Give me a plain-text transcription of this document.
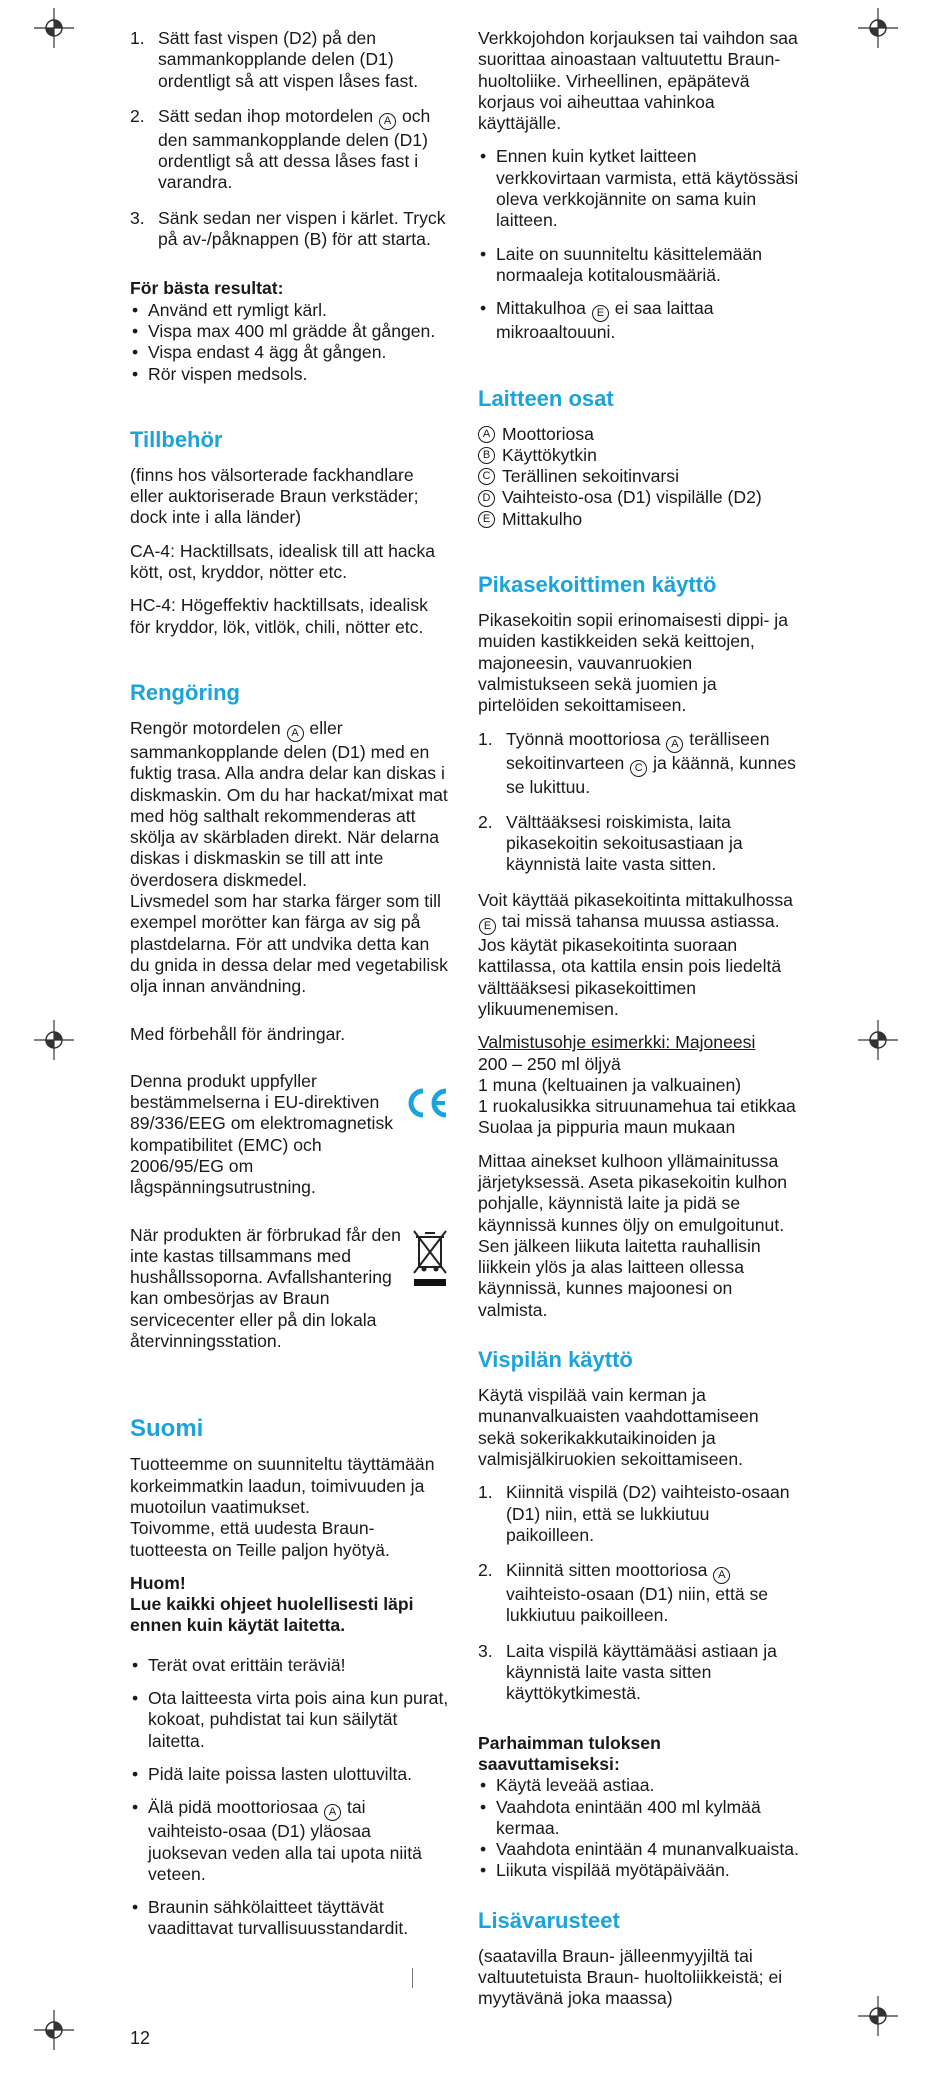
1. Sätt fast vispen (D2) på den sammankopplande delen (D1) ordentligt så att vispen låses fast.
2. Sätt sedan ihop motordelen A och den sammankopplande delen (D1) ordentligt så att dessa låses fast i varandra.
3. Sänk sedan ner vispen i kärlet. Tryck på av-/påknappen (B) för att starta.

För bästa resultat:

• Använd ett rymligt kärl.
• Vispa max 400 ml grädde åt gången.
• Vispa endast 4 ägg åt gången.
• Rör vispen medsols.
Tillbehör

(finns hos välsorterade fackhandlare eller auktoriserade Braun verkstäder; dock inte i alla länder)

CA-4: Hacktillsats, idealisk till att hacka kött, ost, kryddor, nötter etc.

HC-4: Högeffektiv hacktillsats, idealisk för kryddor, lök, vitlök, chili, nötter etc.

Rengöring

Rengör motordelen A eller sammankopplande delen (D1) med en fuktig trasa. Alla andra delar kan diskas i diskmaskin. Om du har hackat/mixat mat med hög salthalt rekommenderas att skölja av skärbladen direkt. När delarna diskas i diskmaskin se till att inte överdosera diskmedel.

Livsmedel som har starka färger som till exempel morötter kan färga av sig på plastdelarna. För att undvika detta kan du gnida in dessa delar med vegetabilisk olja innan användning.

Med förbehåll för ändringar.

Denna produkt uppfyller bestämmelserna i EU-direktiven 89/336/EEG om elektromagnetisk kompatibilitet (EMC) och 2006/95/EG om lågspänningsutrustning.

När produkten är förbrukad får den inte kastas tillsammans med hushållssoporna. Avfallshantering kan ombesörjas av Braun servicecenter eller på din lokala återvinningsstation.

Suomi

Tuotteemme on suunniteltu täyttämään korkeimmatkin laadun, toimivuuden ja muotoilun vaatimukset.

Toivomme, että uudesta Braun-tuotteesta on Teille paljon hyötyä.

Huom!

Lue kaikki ohjeet huolellisesti läpi ennen kuin käytät laitetta.

• Terät ovat erittäin teräviä!
• Ota laitteesta virta pois aina kun purat, kokoat, puhdistat tai kun säilytät laitetta.
• Pidä laite poissa lasten ulottuvilta.
• Älä pidä moottoriosaa A tai vaihteisto-osaa (D1) yläosaa juoksevan veden alla tai upota niitä veteen.
• Braunin sähkölaitteet täyttävät vaadittavat turvallisuusstandardit.

Verkkojohdon korjauksen tai vaihdon saa suorittaa ainoastaan valtuutettu Braun-huoltoliike. Virheellinen, epäpätevä korjaus voi aiheuttaa vahinkoa käyttäjälle.

• Ennen kuin kytket laitteen verkkovirtaan varmista, että käytössäsi oleva verkkojännite on sama kuin laitteen.
• Laite on suunniteltu käsittelemään normaaleja kotitalousmääriä.
• Mittakulhoa E ei saa laittaa mikroaaltouuni.
Laitteen osat
A Moottoriosa
B Käyttökytkin
C Terällinen sekoitinvarsi
D Vaihteisto-osa (D1) vispilälle (D2)
E Mittakulho
Pikasekoittimen käyttö

Pikasekoitin sopii erinomaisesti dippi- ja muiden kastikkeiden sekä keittojen, majoneesin, vauvanruokien valmistukseen sekä juomien ja pirtelöiden sekoittamiseen.

1. Työnnä moottoriosa A terälliseen sekoitinvarteen C ja käännä, kunnes se lukittuu.
2. Välttääksesi roiskimista, laita pikasekoitin sekoitusastiaan ja käynnistä laite vasta sitten.

Voit käyttää pikasekoitinta mittakulhossa E tai missä tahansa muussa astiassa. Jos käytät pikasekoitinta suoraan kattilassa, ota kattila ensin pois liedeltä välttääksesi pikasekoittimen ylikuumenemisen.

Valmistusohje esimerkki: Majoneesi

200 – 250 ml öljyä
1 muna (keltuainen ja valkuainen)
1 ruokalusikka sitruunamehua tai etikkaa
Suolaa ja pippuria maun mukaan

Mittaa ainekset kulhoon yllämainitussa järjetyksessä. Aseta pikasekoitin kulhon pohjalle, käynnistä laite ja pidä se käynnissä kunnes öljy on emulgoitunut. Sen jälkeen liikuta laitetta rauhallisin liikkein ylös ja alas laitteen ollessa käynnissä, kunnes majoonesi on valmista.

Vispilän käyttö

Käytä vispilää vain kerman ja munanvalkuaisten vaahdottamiseen sekä sokerikakkutaikinoiden ja valmisjälkiruokien sekoittamiseen.

1. Kiinnitä vispilä (D2) vaihteisto-osaan (D1) niin, että se lukkiutuu paikoilleen.
2. Kiinnitä sitten moottoriosa A vaihteisto-osaan (D1) niin, että se lukkiutuu paikoilleen.
3. Laita vispilä käyttämääsi astiaan ja käynnistä laite vasta sitten käyttökytkimestä.

Parhaimman tuloksen saavuttamiseksi:

• Käytä leveää astiaa.
• Vaahdota enintään 400 ml kylmää kermaa.
• Vaahdota enintään 4 munanvalkuaista.
• Liikuta vispilää myötäpäivään.
Lisävarusteet

(saatavilla Braun- jälleenmyyjiltä tai valtuutetuista Braun- huoltoliikkeistä; ei myytävänä joka maassa)

12
